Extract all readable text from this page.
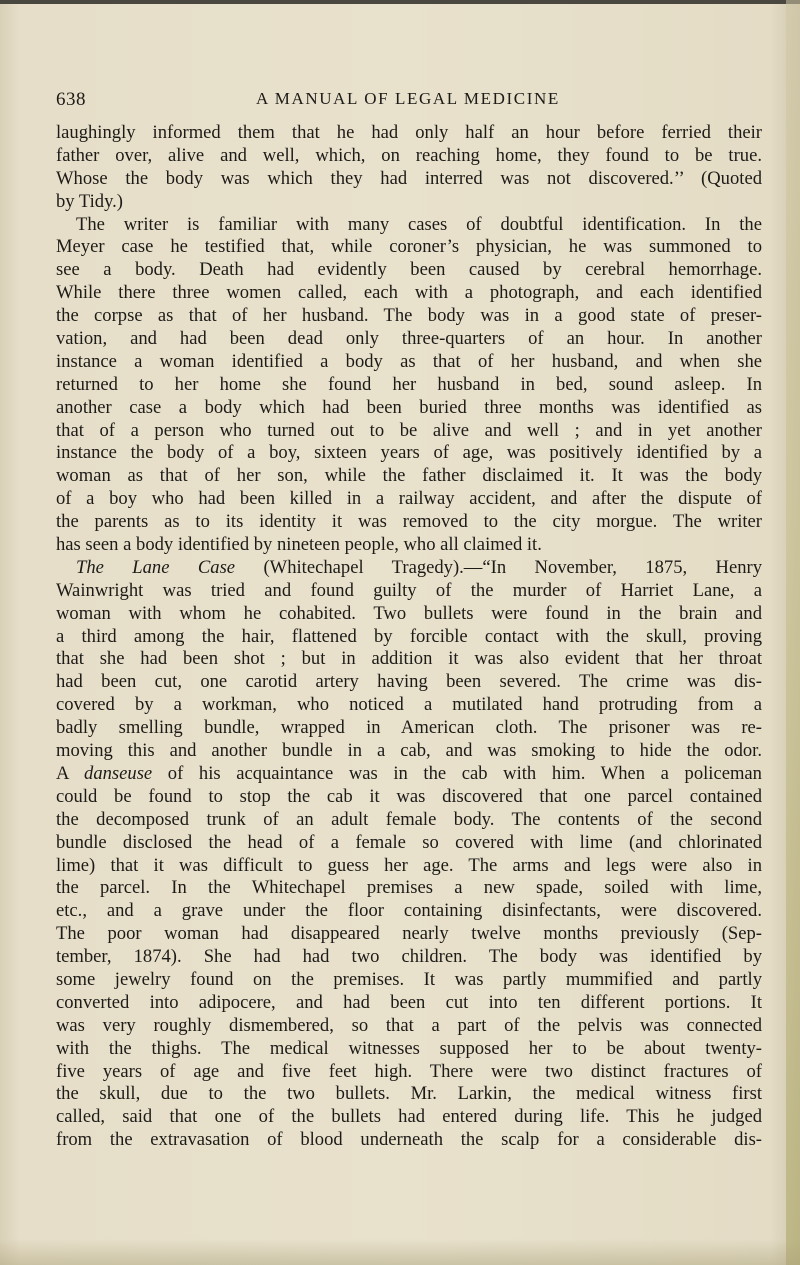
638	A MANUAL OF LEGAL MEDICINE
laughingly informed them that he had only half an hour before ferried their
father over, alive and well, which, on reaching home, they found to be true.
Whose the body was which they had interred was not discovered.’’ (Quoted
by Tidy.)
The writer is familiar with many cases of doubtful identification. In the
Meyer case he testified that, while coroner’s physician, he was summoned to
see a body. Death had evidently been caused by cerebral hemorrhage.
While there three women called, each with a photograph, and each identified
the corpse as that of her husband. The body was in a good state of preser-
vation, and had been dead only three-quarters of an hour. In another
instance a woman identified a body as that of her husband, and when she
returned to her home she found her husband in bed, sound asleep. In
another case a body which had been buried three months was identified as
that of a person who turned out to be alive and well ; and in yet another
instance the body of a boy, sixteen years of age, was positively identified by a
woman as that of her son, while the father disclaimed it. It was the body
of a boy who had been killed in a railway accident, and after the dispute of
the parents as to its identity it was removed to the city morgue. The writer
has seen a body identified by nineteen people, who all claimed it.
The Lane Case (Whitechapel Tragedy).—“In November, 1875, Henry
Wainwright was tried and found guilty of the murder of Harriet Lane, a
woman with whom he cohabited. Two bullets were found in the brain and
a third among the hair, flattened by forcible contact with the skull, proving
that she had been shot ; but in addition it was also evident that her throat
had been cut, one carotid artery having been severed. The crime was dis-
covered by a workman, who noticed a mutilated hand protruding from a
badly smelling bundle, wrapped in American cloth. The prisoner was re-
moving this and another bundle in a cab, and was smoking to hide the odor.
A danseuse of his acquaintance was in the cab with him. When a policeman
could be found to stop the cab it was discovered that one parcel contained
the decomposed trunk of an adult female body. The contents of the second
bundle disclosed the head of a female so covered with lime (and chlorinated
lime) that it was difficult to guess her age. The arms and legs were also in
the parcel. In the Whitechapel premises a new spade, soiled with lime,
etc., and a grave under the floor containing disinfectants, were discovered.
The poor woman had disappeared nearly twelve months previously (Sep-
tember, 1874). She had had two children. The body was identified by
some jewelry found on the premises. It was partly mummified and partly
converted into adipocere, and had been cut into ten different portions. It
was very roughly dismembered, so that a part of the pelvis was connected
with the thighs. The medical witnesses supposed her to be about twenty-
five years of age and five feet high. There were two distinct fractures of
the skull, due to the two bullets. Mr. Larkin, the medical witness first
called, said that one of the bullets had entered during life. This he judged
from the extravasation of blood underneath the scalp for a considerable dis-
